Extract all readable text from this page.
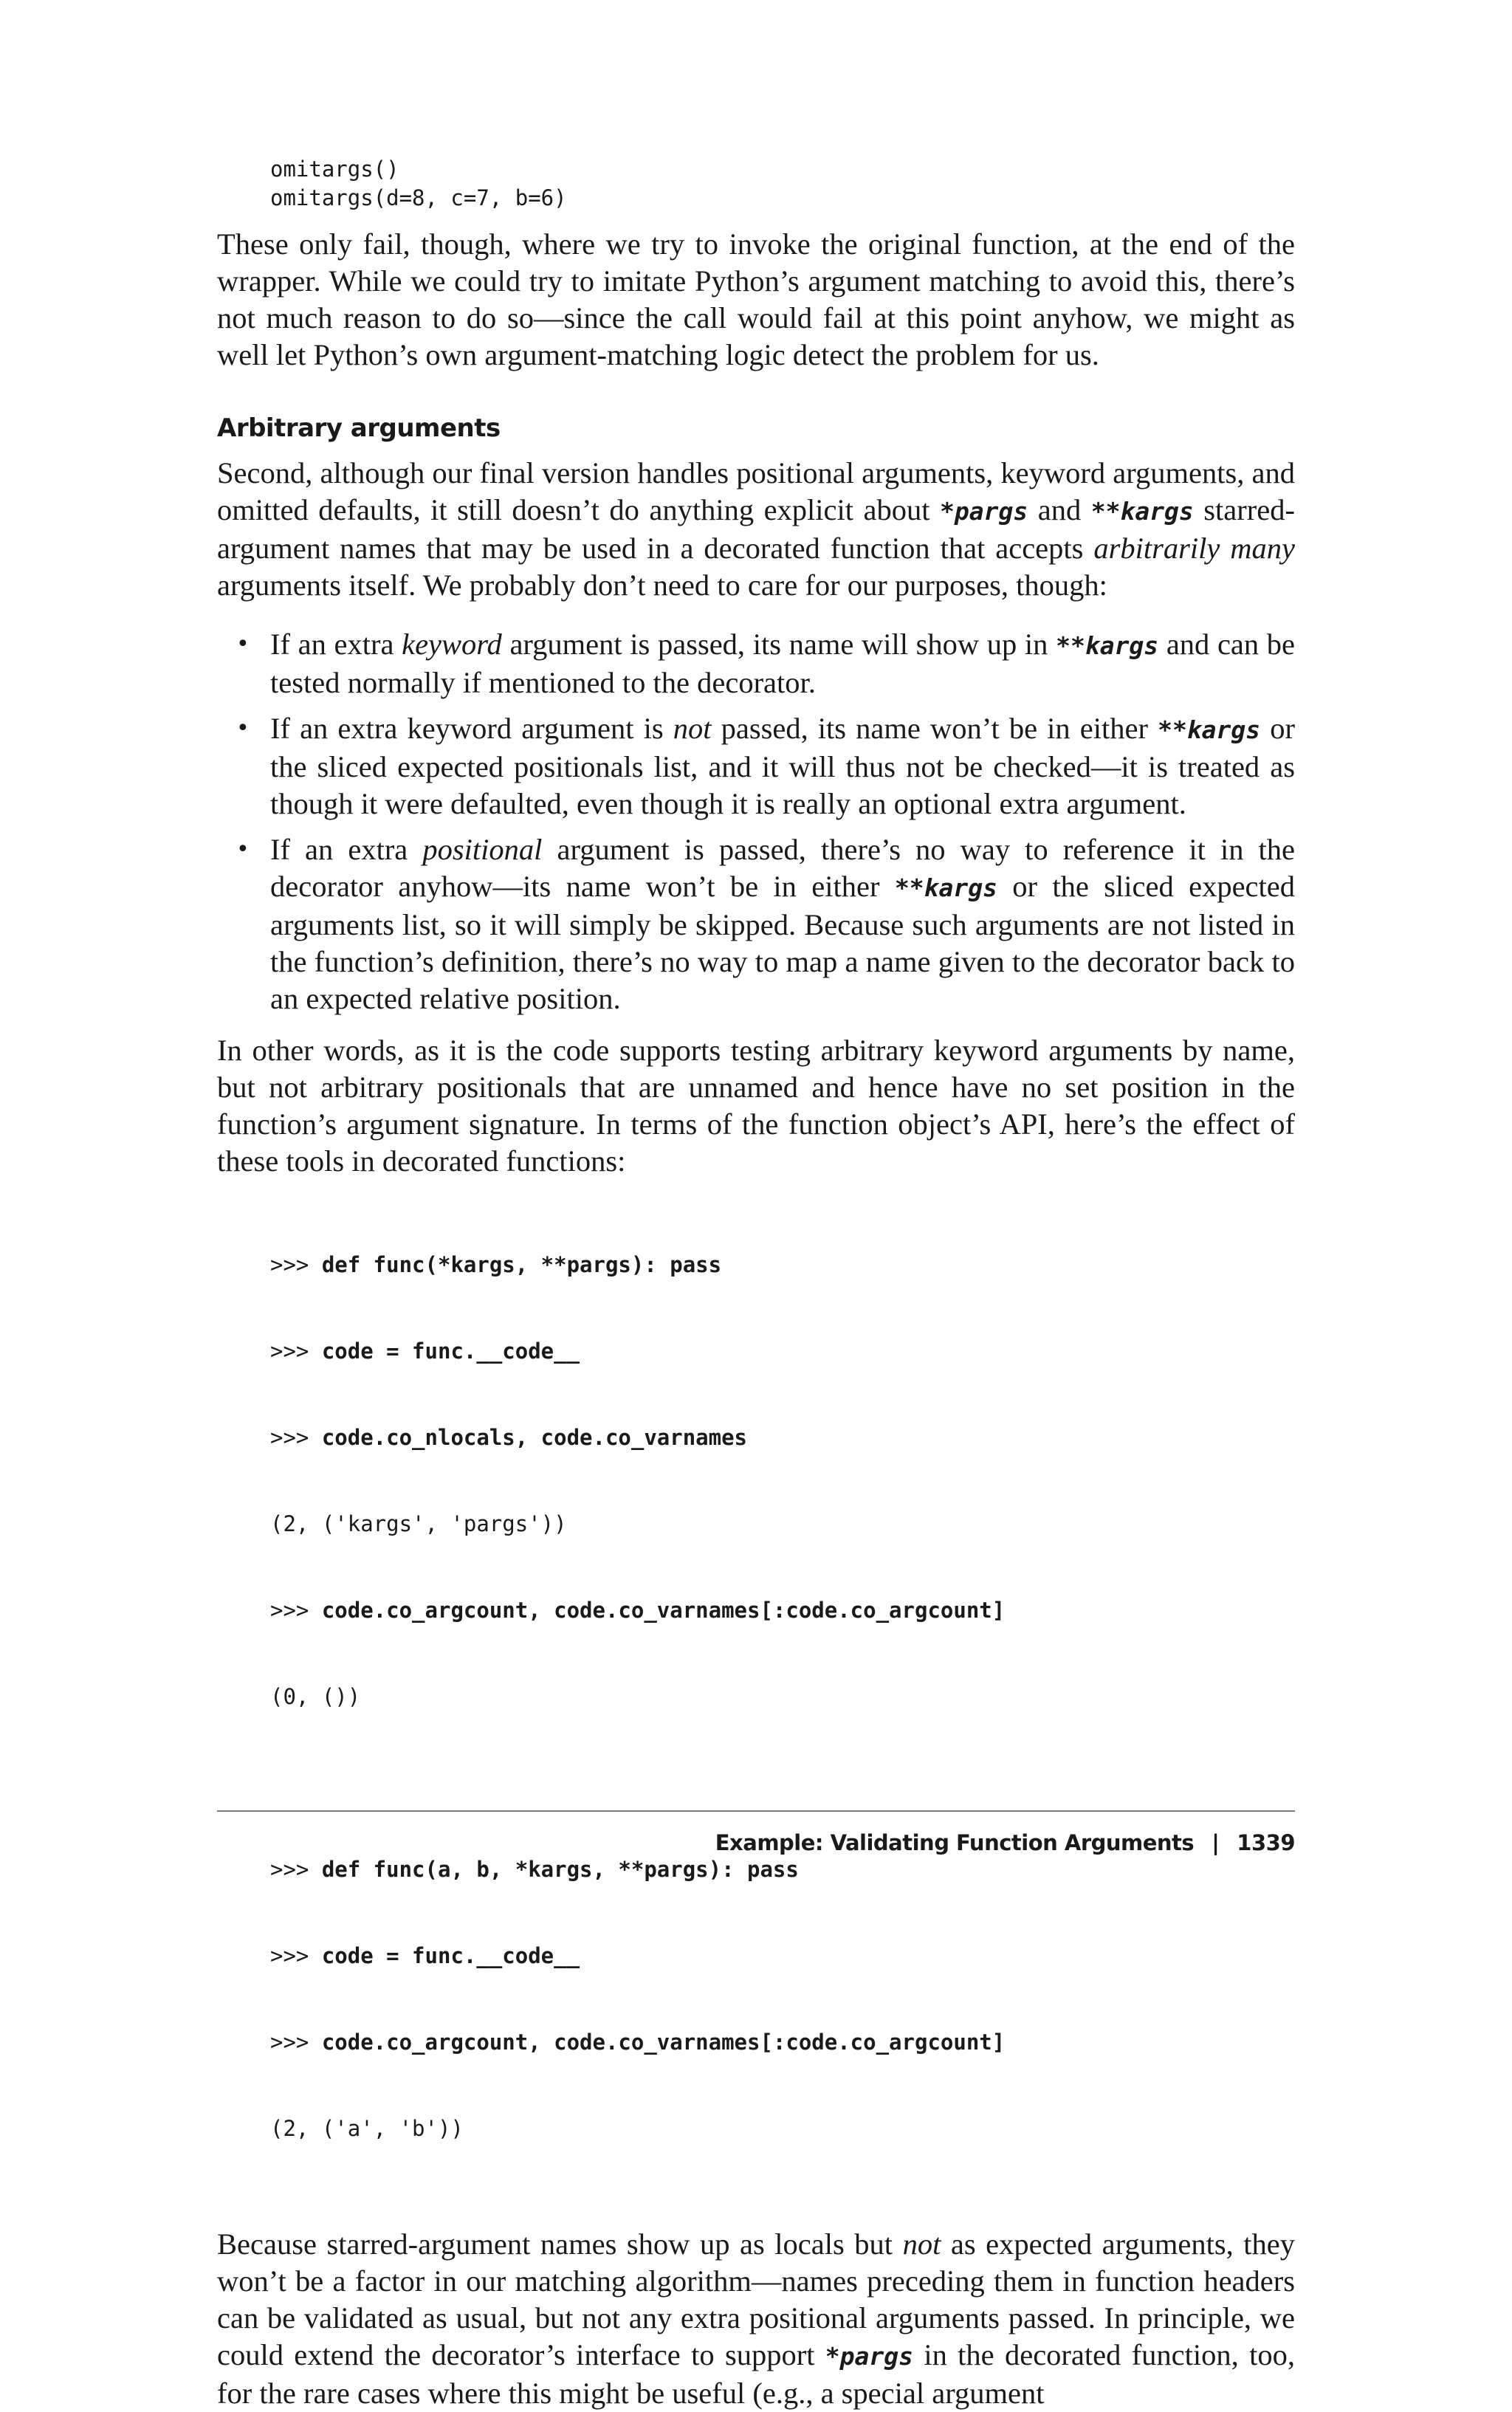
omitargs()
omitargs(d=8, c=7, b=6)

These only fail, though, where we try to invoke the original function, at the end of the wrapper. While we could try to imitate Python’s argument matching to avoid this, there’s not much reason to do so—since the call would fail at this point anyhow, we might as well let Python’s own argument-matching logic detect the problem for us.

Arbitrary arguments

Second, although our final version handles positional arguments, keyword arguments, and omitted defaults, it still doesn’t do anything explicit about *pargs and **kargs starred-argument names that may be used in a decorated function that accepts arbitrarily many arguments itself. We probably don’t need to care for our purposes, though:

• If an extra keyword argument is passed, its name will show up in **kargs and can be tested normally if mentioned to the decorator.
• If an extra keyword argument is not passed, its name won’t be in either **kargs or the sliced expected positionals list, and it will thus not be checked—it is treated as though it were defaulted, even though it is really an optional extra argument.
• If an extra positional argument is passed, there’s no way to reference it in the decorator anyhow—its name won’t be in either **kargs or the sliced expected arguments list, so it will simply be skipped. Because such arguments are not listed in the function’s definition, there’s no way to map a name given to the decorator back to an expected relative position.

In other words, as it is the code supports testing arbitrary keyword arguments by name, but not arbitrary positionals that are unnamed and hence have no set position in the function’s argument signature. In terms of the function object’s API, here’s the effect of these tools in decorated functions:

>>> def func(*kargs, **pargs): pass

>>> code = func.__code__

>>> code.co_nlocals, code.co_varnames

(2, ('kargs', 'pargs'))

>>> code.co_argcount, code.co_varnames[:code.co_argcount]

(0, ())

>>> def func(a, b, *kargs, **pargs): pass

>>> code = func.__code__

>>> code.co_argcount, code.co_varnames[:code.co_argcount]

(2, ('a', 'b'))

Because starred-argument names show up as locals but not as expected arguments, they won’t be a factor in our matching algorithm—names preceding them in function headers can be validated as usual, but not any extra positional arguments passed. In principle, we could extend the decorator’s interface to support *pargs in the decorated function, too, for the rare cases where this might be useful (e.g., a special argument

Example: Validating Function Arguments | 1339
